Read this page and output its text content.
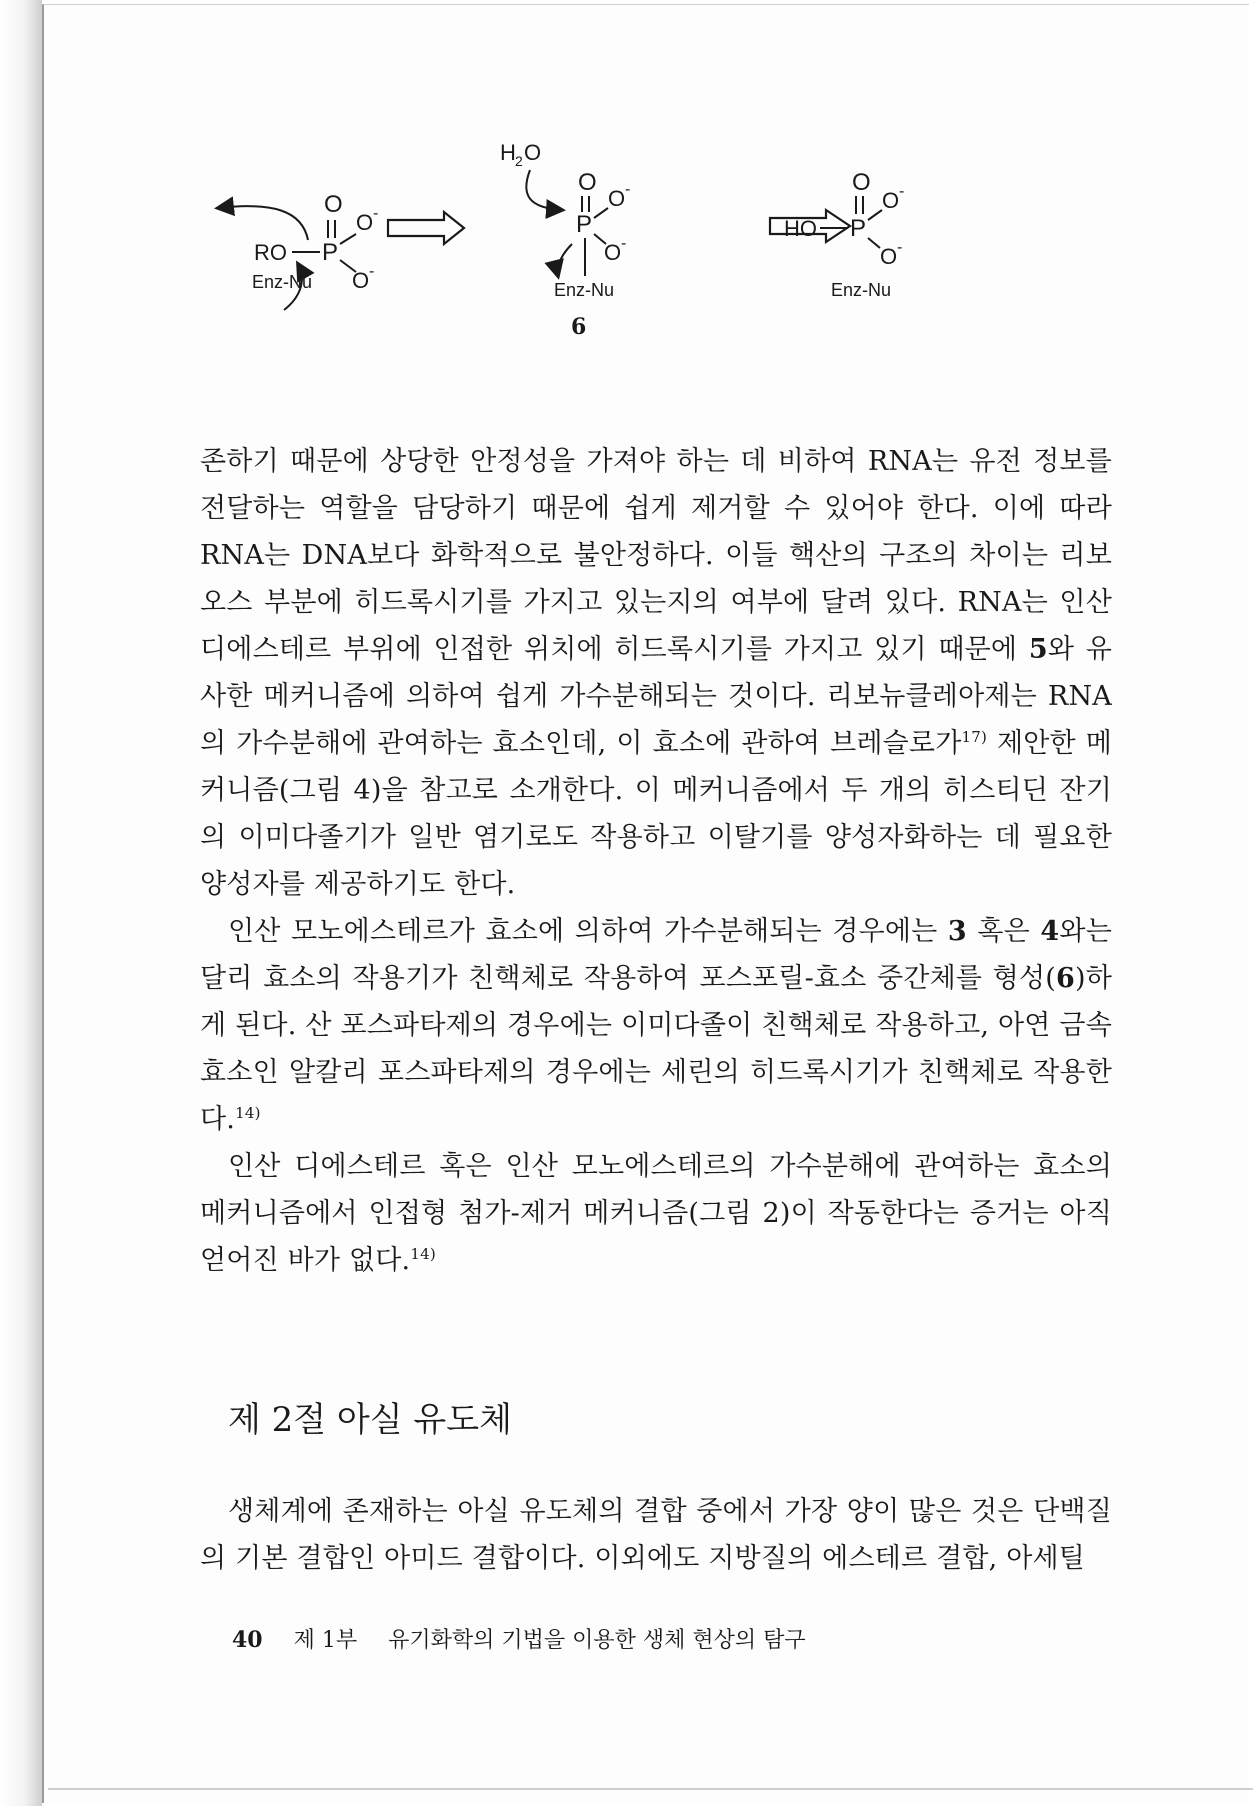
O
P
RO
O -
O -
Enz-Nu
H 2 O
O
P
O -
O -
Enz-Nu
6
O
P
HO
O -
O -
Enz-Nu

존하기 때문에 상당한 안정성을 가져야 하는 데 비하여 RNA는 유전 정보를 전달하는 역할을 담당하기 때문에 쉽게 제거할 수 있어야 한다. 이에 따라 RNA는 DNA보다 화학적으로 불안정하다. 이들 핵산의 구조의 차이는 리보오스 부분에 히드록시기를 가지고 있는지의 여부에 달려 있다. RNA는 인산디에스테르 부위에 인접한 위치에 히드록시기를 가지고 있기 때문에 5와 유사한 메커니즘에 의하여 쉽게 가수분해되는 것이다. 리보뉴클레아제는 RNA의 가수분해에 관여하는 효소인데, 이 효소에 관하여 브레슬로가$^{17)}$ 제안한 메커니즘(그림 4)을 참고로 소개한다. 이 메커니즘에서 두 개의 히스티딘 잔기의 이미다졸기가 일반 염기로도 작용하고 이탈기를 양성자화하는 데 필요한 양성자를 제공하기도 한다.

인산 모노에스테르가 효소에 의하여 가수분해되는 경우에는 3 혹은 4와는 달리 효소의 작용기가 친핵체로 작용하여 포스포릴-효소 중간체를 형성(6)하게 된다. 산 포스파타제의 경우에는 이미다졸이 친핵체로 작용하고, 아연 금속 효소인 알칼리 포스파타제의 경우에는 세린의 히드록시기가 친핵체로 작용한다.$^{14)}$

인산 디에스테르 혹은 인산 모노에스테르의 가수분해에 관여하는 효소의 메커니즘에서 인접형 첨가-제거 메커니즘(그림 2)이 작동한다는 증거는 아직 얻어진 바가 없다.$^{14)}$

제 2절 아실 유도체

생체계에 존재하는 아실 유도체의 결합 중에서 가장 양이 많은 것은 단백질의 기본 결합인 아미드 결합이다. 이외에도 지방질의 에스테르 결합, 아세틸

40 제 1부 유기화학의 기법을 이용한 생체 현상의 탐구
